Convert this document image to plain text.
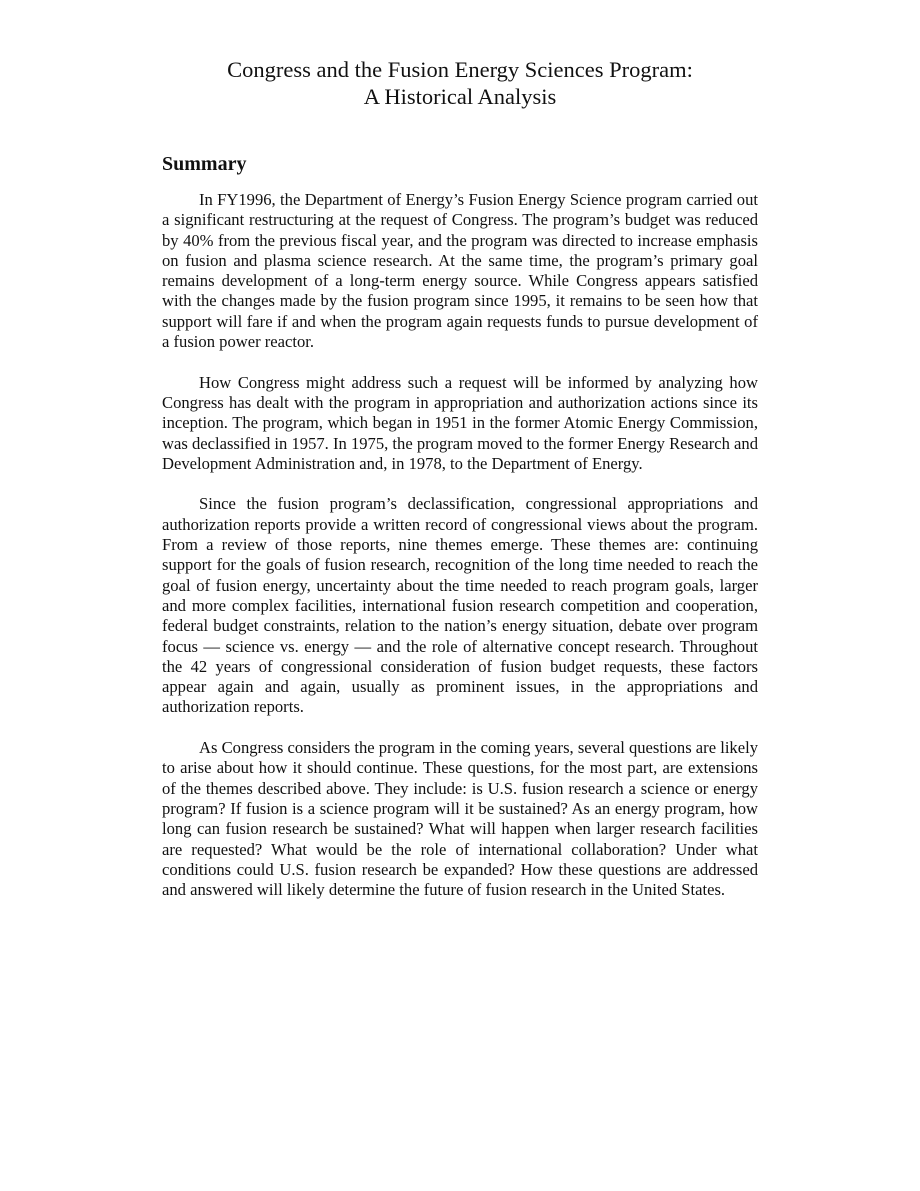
Congress and the Fusion Energy Sciences Program:
A Historical Analysis
Summary

In FY1996, the Department of Energy’s Fusion Energy Science program carried out a significant restructuring at the request of Congress. The program’s budget was reduced by 40% from the previous fiscal year, and the program was directed to increase emphasis on fusion and plasma science research. At the same time, the program’s primary goal remains development of a long-term energy source. While Congress appears satisfied with the changes made by the fusion program since 1995, it remains to be seen how that support will fare if and when the program again requests funds to pursue development of a fusion power reactor.

How Congress might address such a request will be informed by analyzing how Congress has dealt with the program in appropriation and authorization actions since its inception. The program, which began in 1951 in the former Atomic Energy Commission, was declassified in 1957. In 1975, the program moved to the former Energy Research and Development Administration and, in 1978, to the Department of Energy.

Since the fusion program’s declassification, congressional appropriations and authorization reports provide a written record of congressional views about the program. From a review of those reports, nine themes emerge. These themes are: continuing support for the goals of fusion research, recognition of the long time needed to reach the goal of fusion energy, uncertainty about the time needed to reach program goals, larger and more complex facilities, international fusion research competition and cooperation, federal budget constraints, relation to the nation’s energy situation, debate over program focus — science vs. energy — and the role of alternative concept research. Throughout the 42 years of congressional consideration of fusion budget requests, these factors appear again and again, usually as prominent issues, in the appropriations and authorization reports.

As Congress considers the program in the coming years, several questions are likely to arise about how it should continue. These questions, for the most part, are extensions of the themes described above. They include: is U.S. fusion research a science or energy program? If fusion is a science program will it be sustained? As an energy program, how long can fusion research be sustained? What will happen when larger research facilities are requested? What would be the role of international collaboration? Under what conditions could U.S. fusion research be expanded? How these questions are addressed and answered will likely determine the future of fusion research in the United States.
